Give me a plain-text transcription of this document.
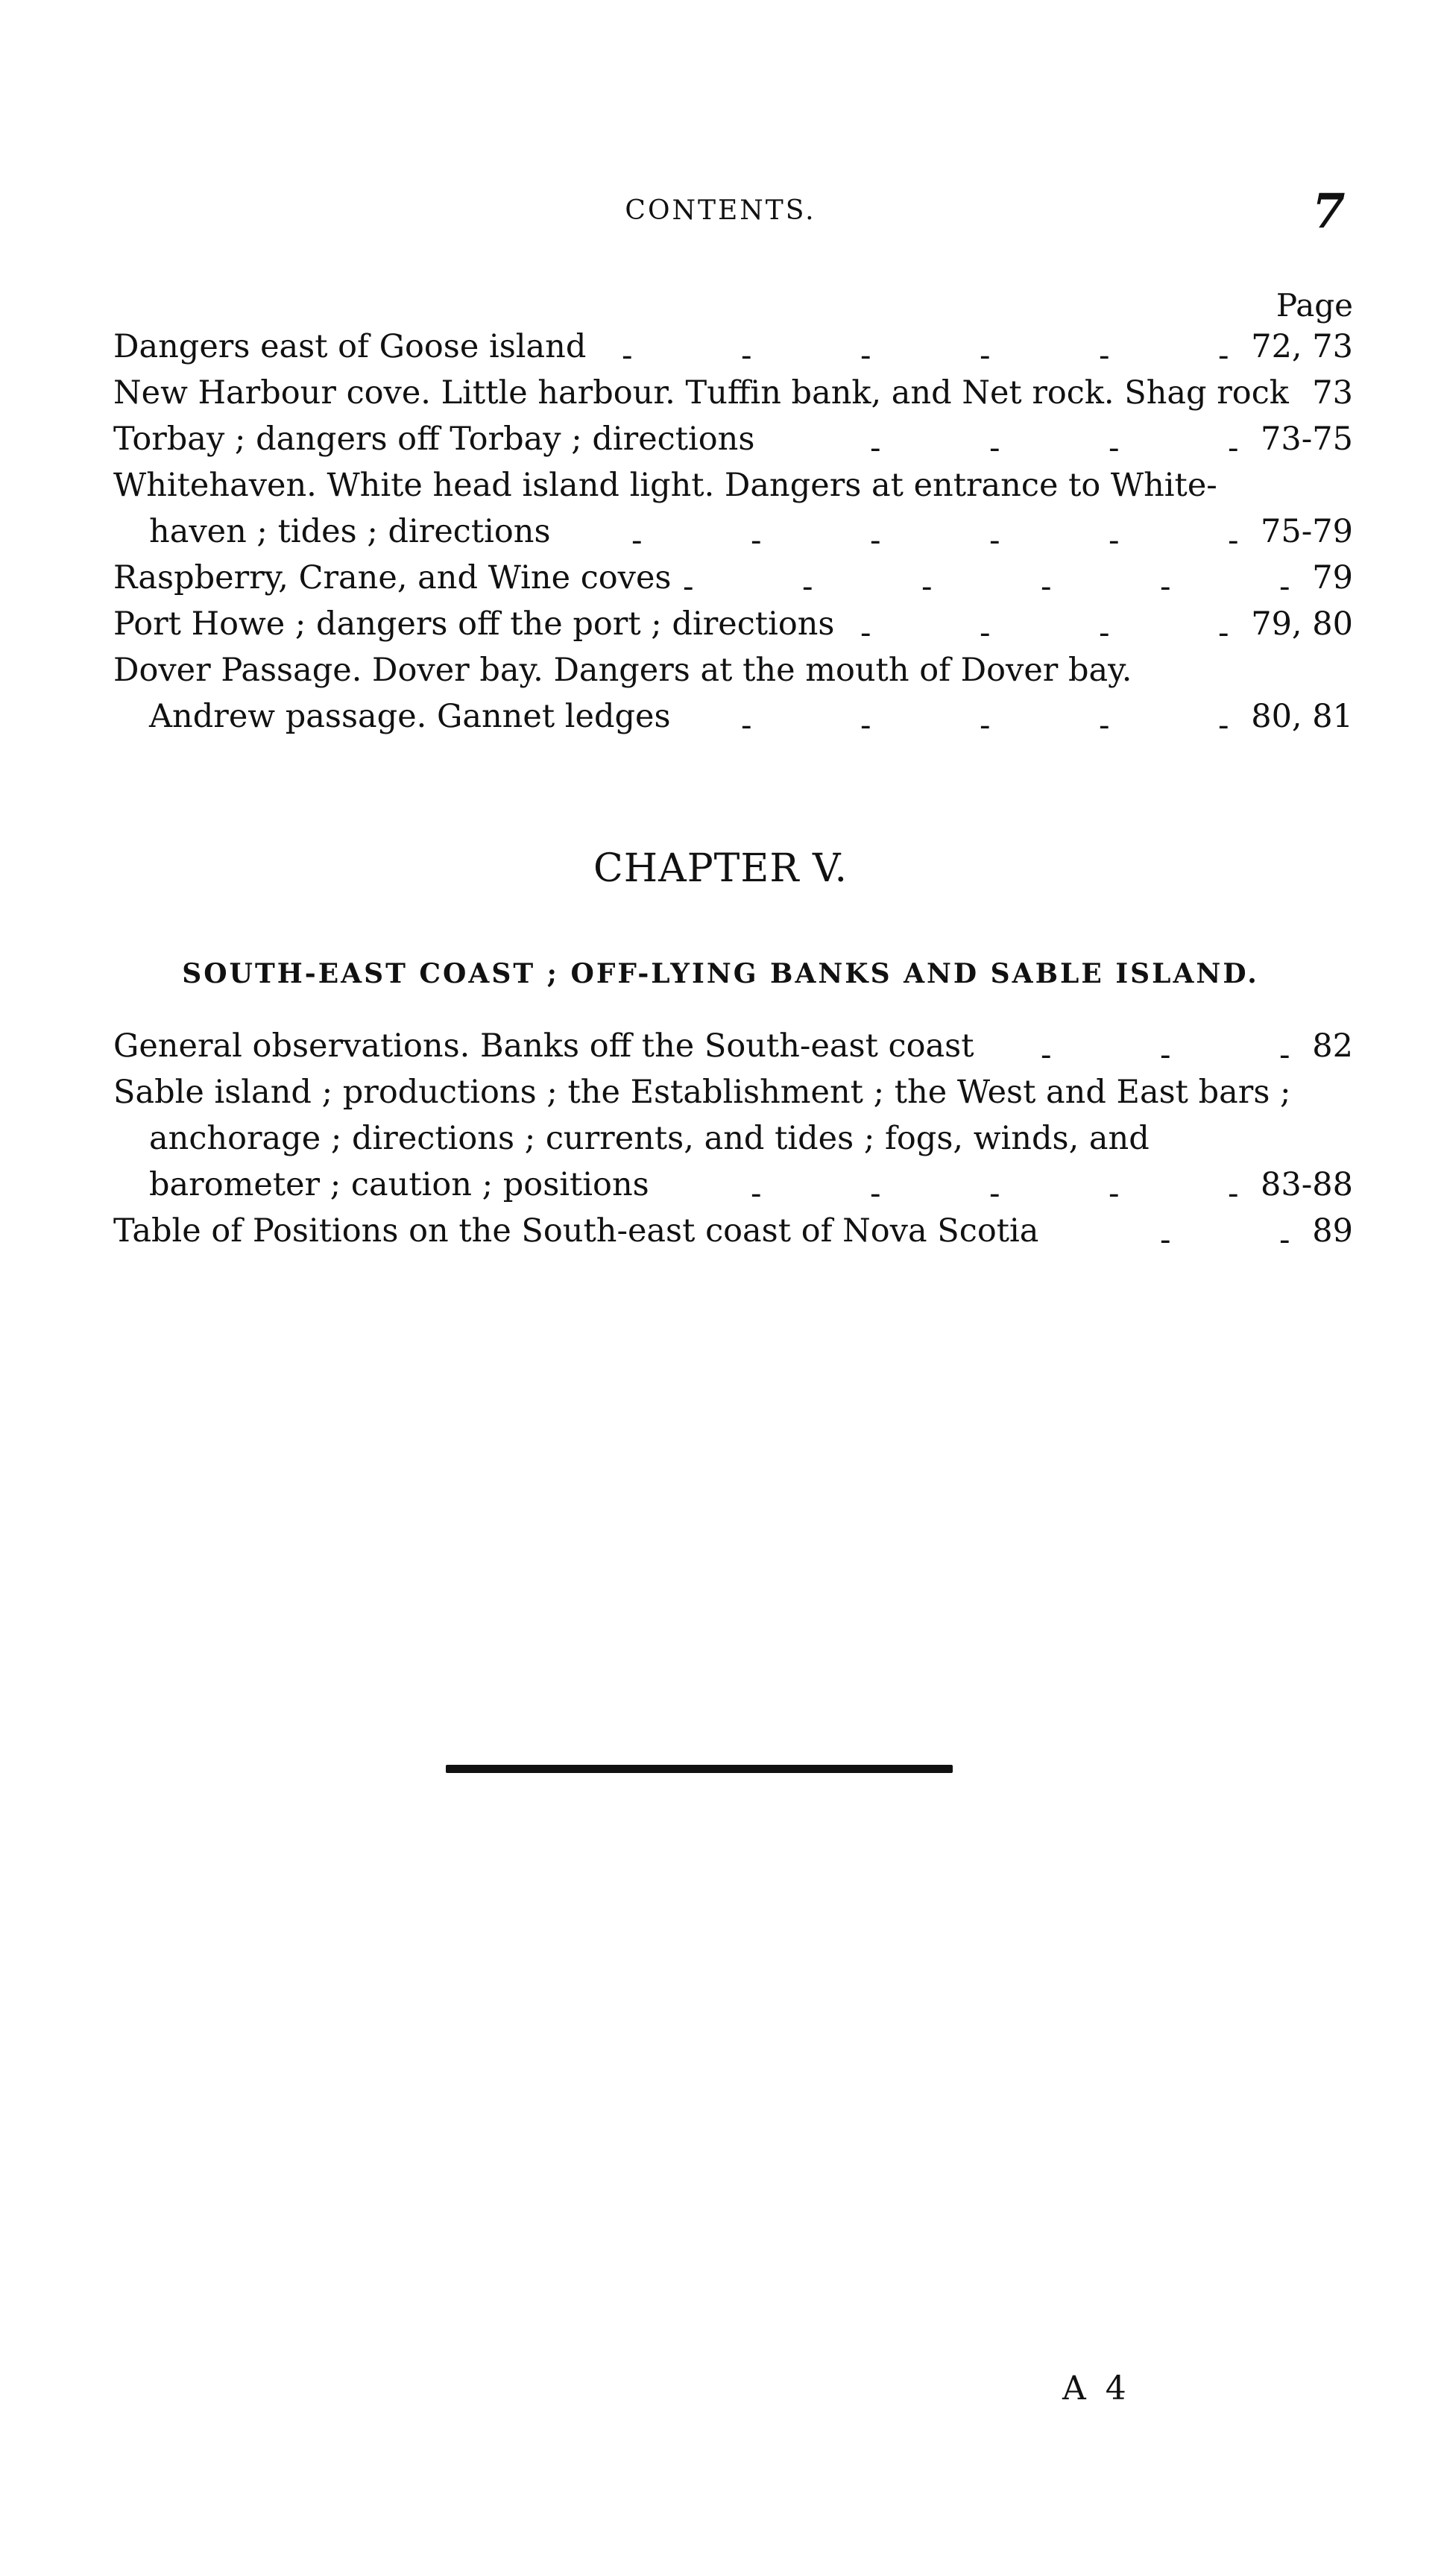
CONTENTS.	7
Page
Dangers east of Goose island	72, 73
-
-
-
-
-
-
New Harbour cove. Little harbour. Tuffin bank, and Net rock. Shag rock 73
Torbay ; dangers off Torbay ; directions	73-75
-
-
-
-
Whitehaven. White head island light. Dangers at entrance to White-
haven ; tides ; directions	75-79
-
-
-
-
-
-
Raspberry, Crane, and Wine coves	79
-
-
-
-
-
-
Port Howe ; dangers off the port ; directions	79, 80
-
-
-
-
Dover Passage. Dover bay. Dangers at the mouth of Dover bay.
Andrew passage. Gannet ledges	80, 81
-
-
-
-
-
CHAPTER V.
SOUTH-EAST COAST ; OFF-LYING BANKS AND SABLE ISLAND.
General observations. Banks off the South-east coast	82
-
-
-
Sable island ; productions ; the Establishment ; the West and East bars ;
anchorage ; directions ; currents, and tides ; fogs, winds, and
barometer ; caution ; positions	83-88
-
-
-
-
-
Table of Positions on the South-east coast of Nova Scotia	89
-
-
A 4
